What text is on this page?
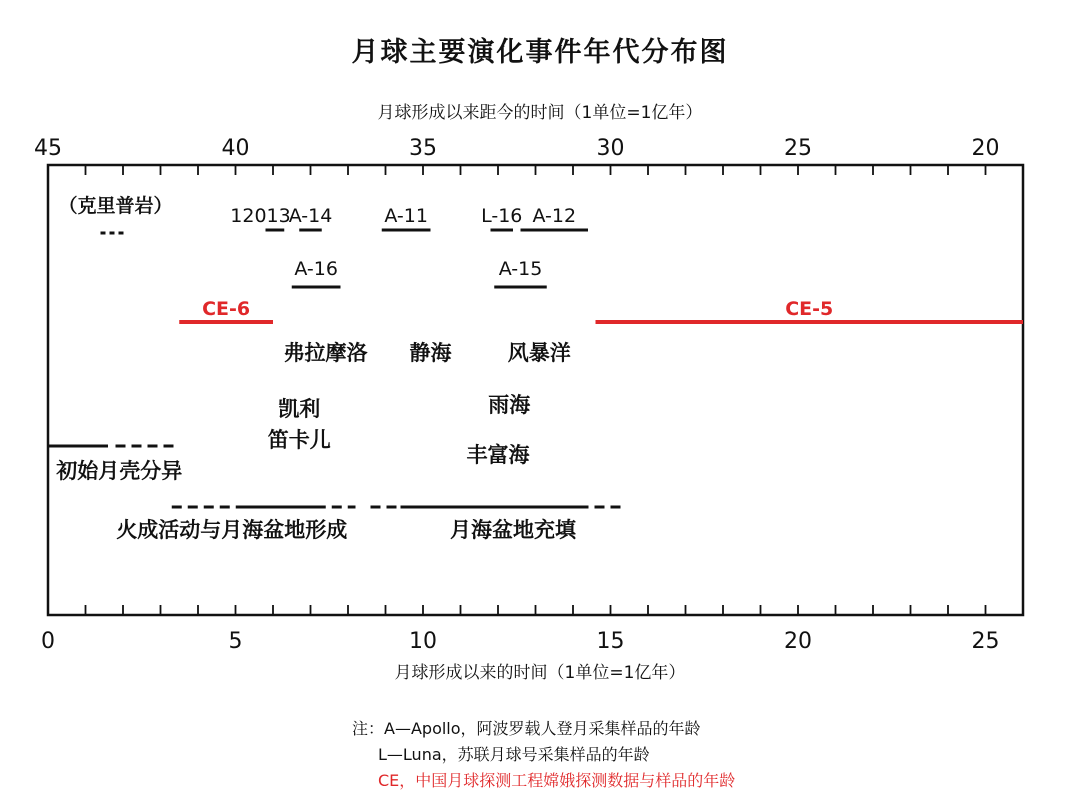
月球主要演化事件年代分布图
月球形成以来距今的时间（1单位=1亿年）
0	5	10	15	20	25
45	40	35	30	25	20
（克里普岩）	12013
A-14	A-11	L-16 A-12
A-16	A-15
CE-6	CE-5
弗拉摩洛 静海	风暴洋
凯利
笛卡儿
雨海
丰富海
初始月壳分异
火成活动与月海盆地形成	月海盆地充填
月球形成以来的时间（1单位=1亿年）
注：A—Apollo，阿波罗载人登月采集样品的年龄
L—Luna，苏联月球号采集样品的年龄
CE，中国月球探测工程嫦娥探测数据与样品的年龄
